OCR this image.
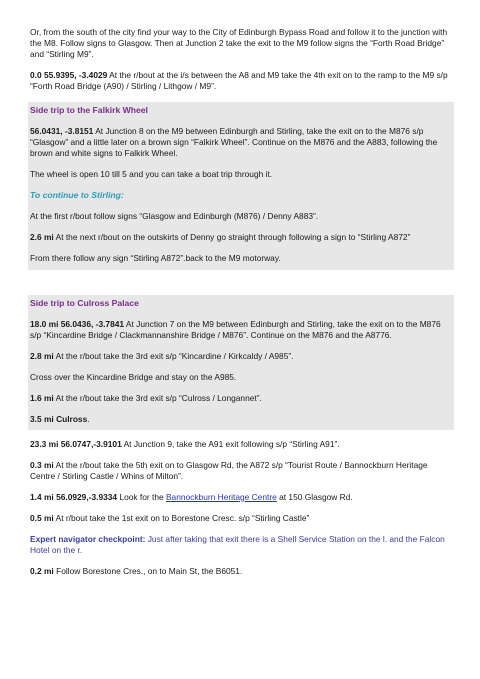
Or, from the south of the city find your way to the City of Edinburgh Bypass Road and follow it to the junction with the M8. Follow signs to Glasgow. Then at Junction 2 take the exit to the M9 follow signs the “Forth Road Bridge” and “Stirling M9”.

0.0 55.9395, -3.4029 At the r/bout at the i/s between the A8 and M9 take the 4th exit on to the ramp to the M9 s/p “Forth Road Bridge (A90) / Stirling / Lithgow / M9”.

Side trip to the Falkirk Wheel

56.0431, -3.8151 At Junction 8 on the M9 between Edinburgh and Stirling, take the exit on to the M876 s/p “Glasgow” and a little later on a brown sign “Falkirk Wheel”. Continue on the M876 and the A883, following the brown and white signs to Falkirk Wheel.

The wheel is open 10 till 5 and you can take a boat trip through it.

To continue to Stirling:

At the first r/bout follow signs “Glasgow and Edinburgh (M876) / Denny A883”.

2.6 mi At the next r/bout on the outskirts of Denny go straight through following a sign to “Stirling A872”

From there follow any sign “Stirling A872”.back to the M9 motorway.

Side trip to Culross Palace

18.0 mi 56.0436, -3.7841 At Junction 7 on the M9 between Edinburgh and Stirling, take the exit on to the M876 s/p “Kincardine Bridge / Clackmannanshire Bridge / M876”. Continue on the M876 and the A8776.

2.8 mi At the r/bout take the 3rd exit s/p “Kincardine / Kirkcaldy / A985”.

Cross over the Kincardine Bridge and stay on the A985.

1.6 mi At the r/bout take the 3rd exit s/p “Culross / Longannet”.

3.5 mi Culross.

23.3 mi 56.0747,-3.9101 At Junction 9, take the A91 exit following s/p “Stirling A91”.

0.3 mi At the r/bout take the 5th exit on to Glasgow Rd, the A872 s/p “Tourist Route / Bannockburn Heritage Centre / Stirling Castle / Whins of Milton”.

1.4 mi 56.0929,-3.9334 Look for the Bannockburn Heritage Centre at 150 Glasgow Rd.

0.5 mi At r/bout take the 1st exit on to Borestone Cresc. s/p “Stirling Castle”

Expert navigator checkpoint: Just after taking that exit there is a Shell Service Station on the l. and the Falcon Hotel on the r.

0.2 mi Follow Borestone Cres., on to Main St, the B6051.
